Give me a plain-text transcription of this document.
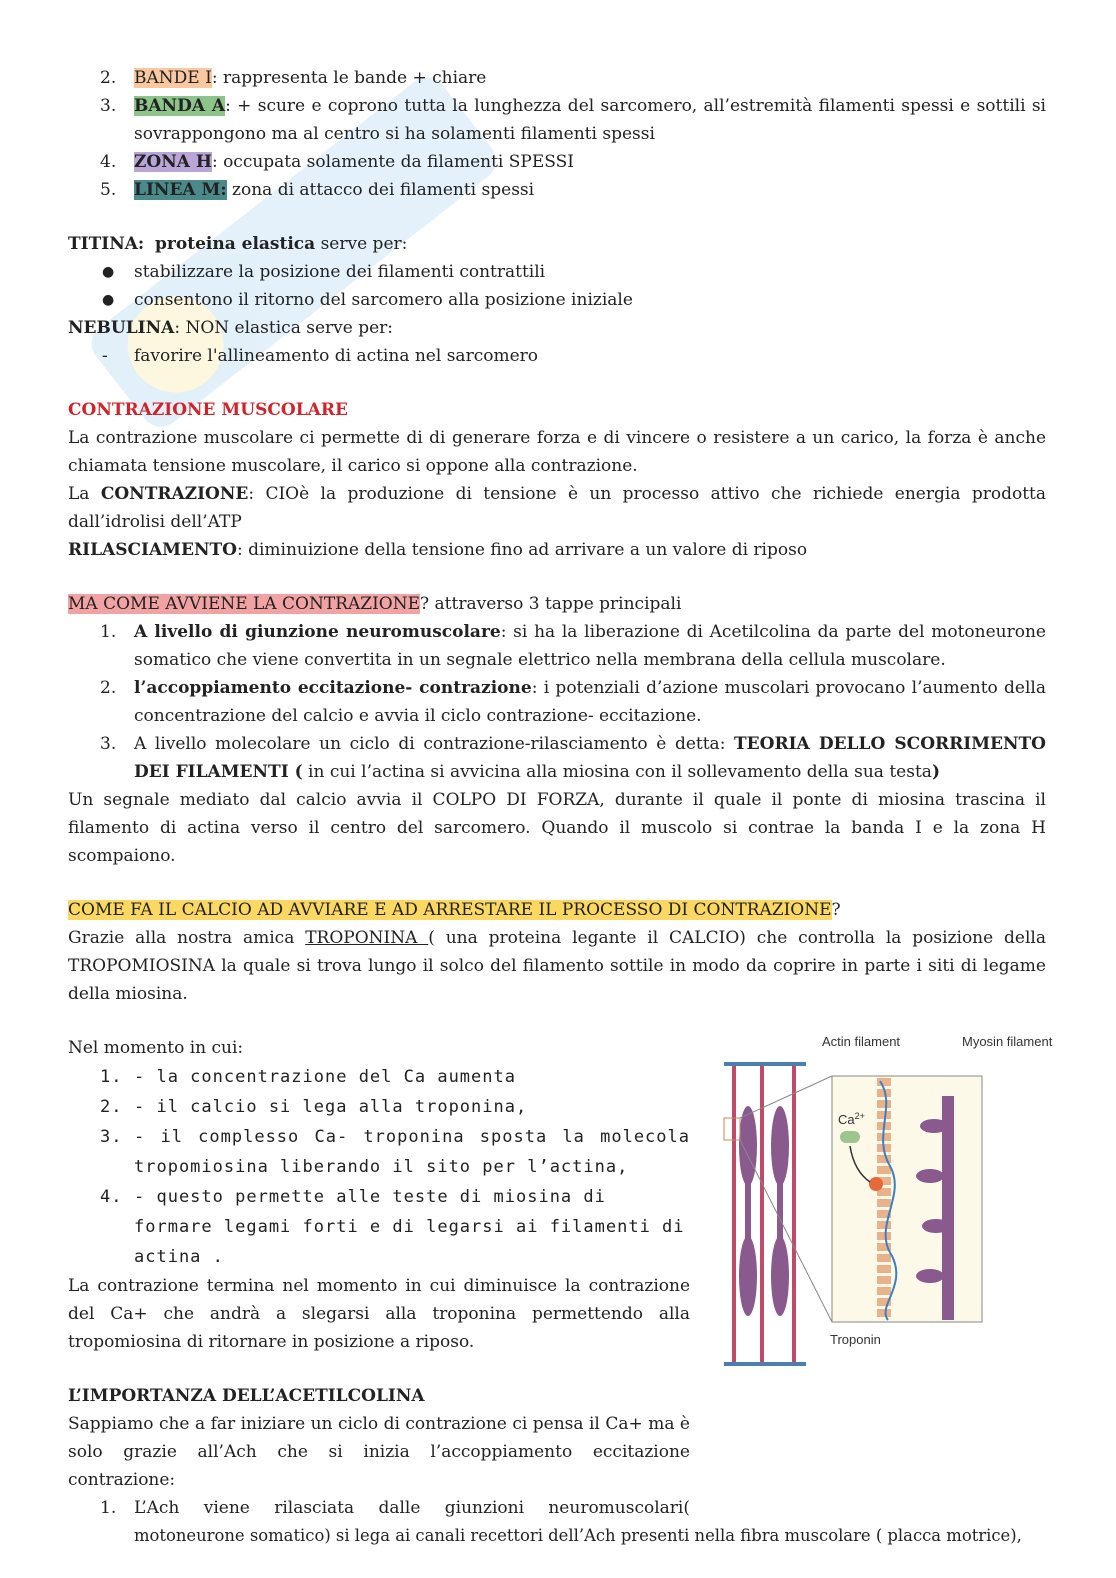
2. BANDE I: rappresenta le bande + chiare
3. BANDA A: + scure e coprono tutta la lunghezza del sarcomero, all’estremità filamenti spessi e sottili si sovrappongono ma al centro si ha solamenti filamenti spessi
4. ZONA H: occupata solamente da filamenti SPESSI
5. LINEA M: zona di attacco dei filamenti spessi
TITINA: proteina elastica serve per:
● stabilizzare la posizione dei filamenti contrattili
● consentono il ritorno del sarcomero alla posizione iniziale
NEBULINA: NON elastica serve per:
- favorire l'allineamento di actina nel sarcomero
CONTRAZIONE MUSCOLARE
La contrazione muscolare ci permette di di generare forza e di vincere o resistere a un carico, la forza è anche chiamata tensione muscolare, il carico si oppone alla contrazione.
La CONTRAZIONE: CIOè la produzione di tensione è un processo attivo che richiede energia prodotta dall’idrolisi dell’ATP
RILASCIAMENTO: diminuizione della tensione fino ad arrivare a un valore di riposo
MA COME AVVIENE LA CONTRAZIONE? attraverso 3 tappe principali
1. A livello di giunzione neuromuscolare: si ha la liberazione di Acetilcolina da parte del motoneurone somatico che viene convertita in un segnale elettrico nella membrana della cellula muscolare.
2. l’accoppiamento eccitazione- contrazione: i potenziali d’azione muscolari provocano l’aumento della concentrazione del calcio e avvia il ciclo contrazione- eccitazione.
3. A livello molecolare un ciclo di contrazione-rilasciamento è detta: TEORIA DELLO SCORRIMENTO DEI FILAMENTI ( in cui l’actina si avvicina alla miosina con il sollevamento della sua testa)
Un segnale mediato dal calcio avvia il COLPO DI FORZA, durante il quale il ponte di miosina trascina il filamento di actina verso il centro del sarcomero. Quando il muscolo si contrae la banda I e la zona H scompaiono.
COME FA IL CALCIO AD AVVIARE E AD ARRESTARE IL PROCESSO DI CONTRAZIONE?
Grazie alla nostra amica TROPONINA ( una proteina legante il CALCIO) che controlla la posizione della TROPOMIOSINA la quale si trova lungo il solco del filamento sottile in modo da coprire in parte i siti di legame della miosina.
Nel momento in cui:
1. - la concentrazione del Ca aumenta
2. - il calcio si lega alla troponina,
3. - il complesso Ca- troponina sposta la molecola tropomiosina liberando il sito per l’actina,
4. - questo permette alle teste di miosina di formare legami forti e di legarsi ai filamenti di actina .
La contrazione termina nel momento in cui diminuisce la contrazione del Ca+ che andrà a slegarsi alla troponina permettendo alla tropomiosina di ritornare in posizione a riposo.
L’IMPORTANZA DELL’ACETILCOLINA
Sappiamo che a far iniziare un ciclo di contrazione ci pensa il Ca+ ma è solo grazie all’Ach che si inizia l’accoppiamento eccitazione contrazione:
1. L’Ach viene rilasciata dalle giunzioni neuromuscolari(
motoneurone somatico) si lega ai canali recettori dell’Ach presenti nella fibra muscolare ( placca motrice),
Actin filament	Myosin filament
$Ca^{2+}$
Troponin
